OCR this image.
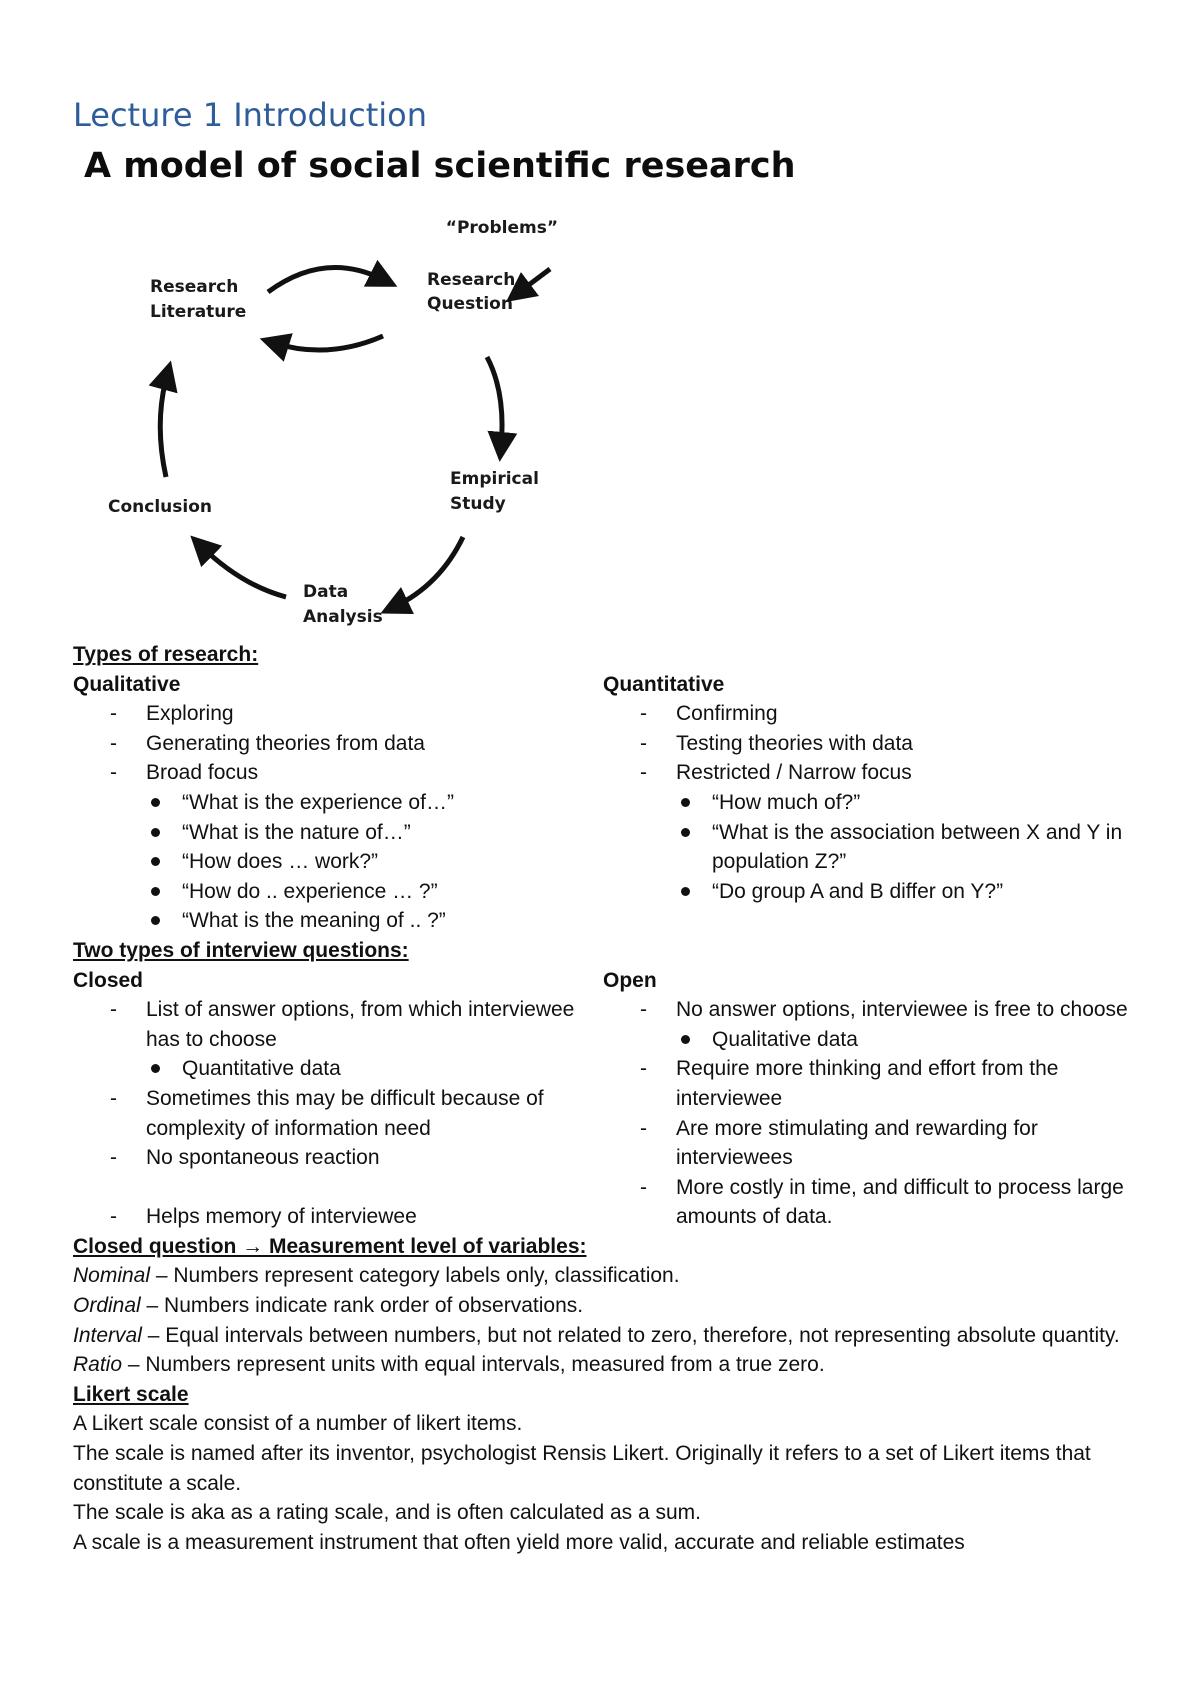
Lecture 1 Introduction
A model of social scientific research
“Problems”
Research
Literature
Research
Question
Empirical
Study
Data
Analysis
Conclusion

Types of research:

Qualitative

- Exploring
- Generating theories from data
- Broad focus
“What is the experience of…”
“What is the nature of…”
“How does … work?”
“How do .. experience … ?”
“What is the meaning of .. ?”

Quantitative

- Confirming
- Testing theories with data
- Restricted / Narrow focus
“How much of?”
“What is the association between X and Y in population Z?”
“Do group A and B differ on Y?”

Two types of interview questions:

Closed

- List of answer options, from which interviewee has to choose
Quantitative data
- Sometimes this may be difficult because of complexity of information need
- No spontaneous reaction
- Helps memory of interviewee

Open

- No answer options, interviewee is free to choose
Qualitative data
- Require more thinking and effort from the interviewee
- Are more stimulating and rewarding for interviewees
- More costly in time, and difficult to process large amounts of data.

Closed question → Measurement level of variables:

Nominal – Numbers represent category labels only, classification.

Ordinal – Numbers indicate rank order of observations.

Interval – Equal intervals between numbers, but not related to zero, therefore, not representing absolute quantity.

Ratio – Numbers represent units with equal intervals, measured from a true zero.

Likert scale

A Likert scale consist of a number of likert items.

The scale is named after its inventor, psychologist Rensis Likert. Originally it refers to a set of Likert items that constitute a scale.

The scale is aka as a rating scale, and is often calculated as a sum.

A scale is a measurement instrument that often yield more valid, accurate and reliable estimates
